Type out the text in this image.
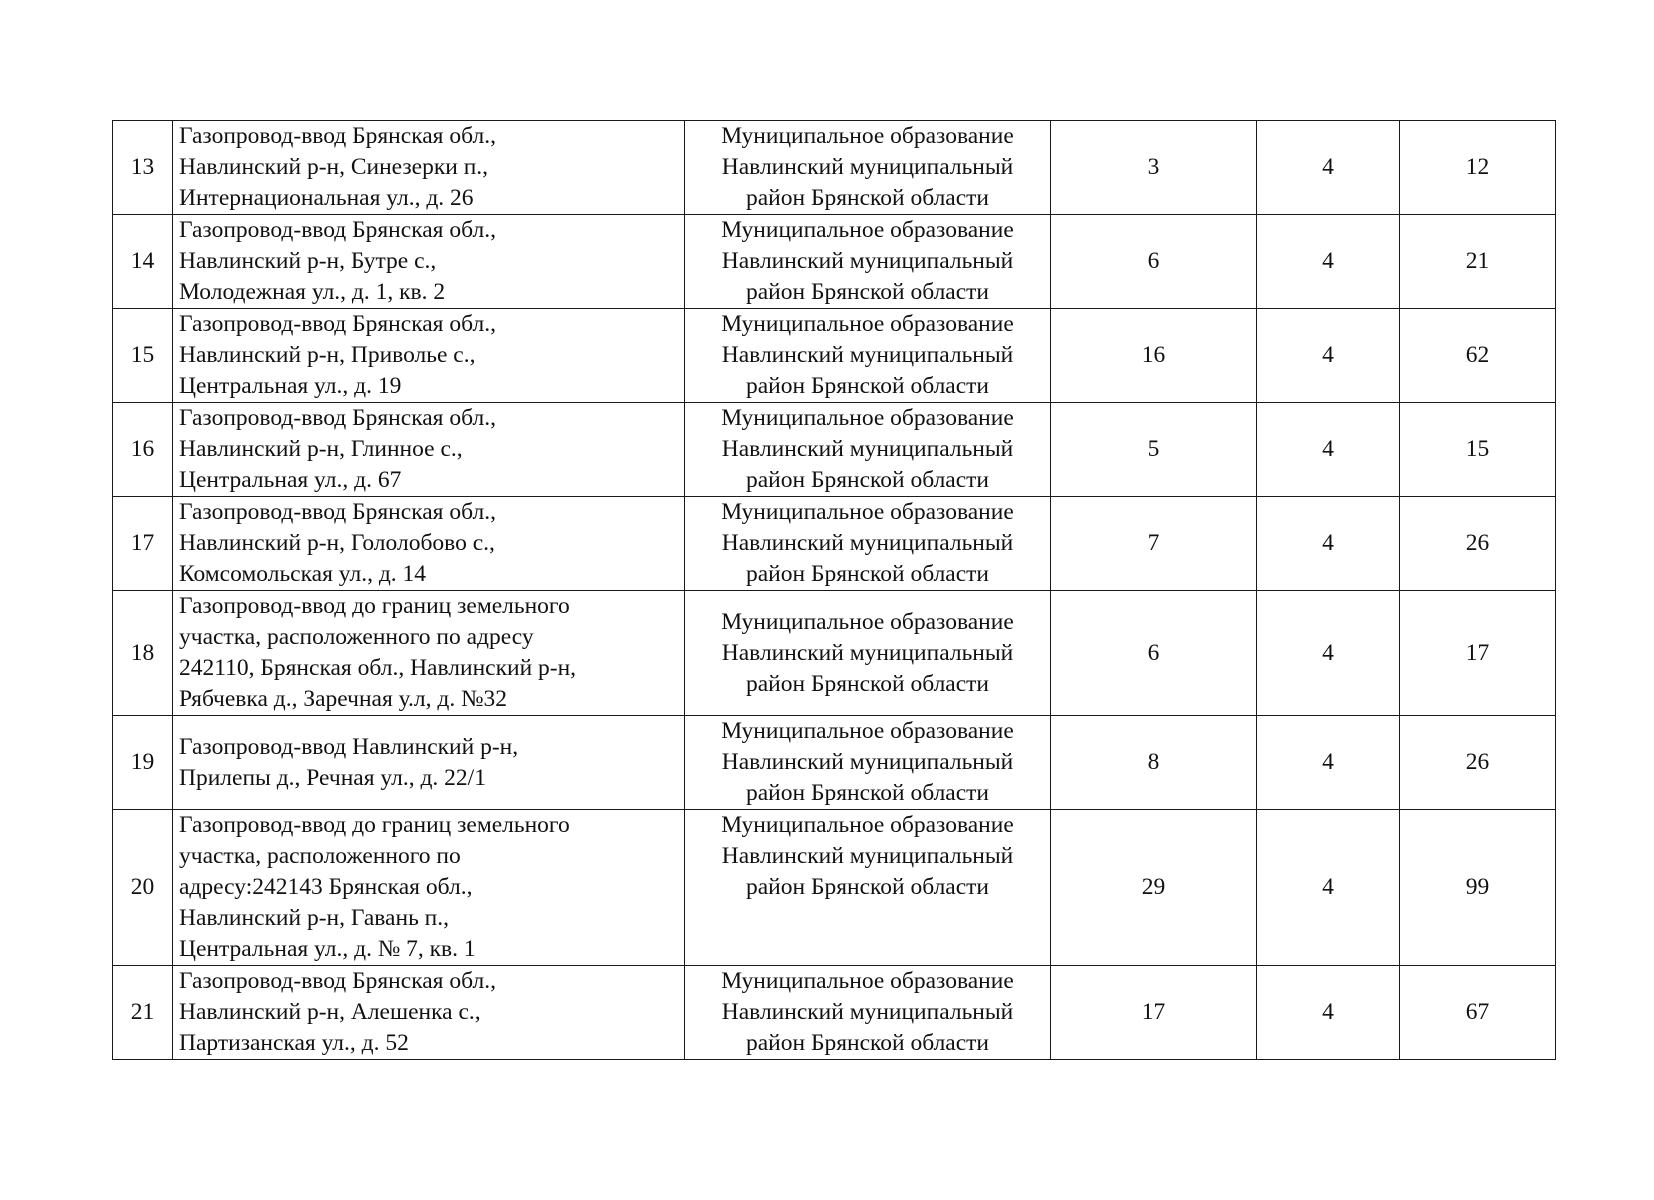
13	Газопровод-ввод Брянская обл.,
Навлинский р-н, Синезерки п.,
Интернациональная ул., д. 26	Муниципальное образование
Навлинский муниципальный
район Брянской области	3	4	12
14	Газопровод-ввод Брянская обл.,
Навлинский р-н, Бутре с.,
Молодежная ул., д. 1, кв. 2	Муниципальное образование
Навлинский муниципальный
район Брянской области	6	4	21
15	Газопровод-ввод Брянская обл.,
Навлинский р-н, Приволье с.,
Центральная ул., д. 19	Муниципальное образование
Навлинский муниципальный
район Брянской области	16	4	62
16	Газопровод-ввод Брянская обл.,
Навлинский р-н, Глинное с.,
Центральная ул., д. 67	Муниципальное образование
Навлинский муниципальный
район Брянской области	5	4	15
17	Газопровод-ввод Брянская обл.,
Навлинский р-н, Гололобово с.,
Комсомольская ул., д. 14	Муниципальное образование
Навлинский муниципальный
район Брянской области	7	4	26
18	Газопровод-ввод до границ земельного
участка, расположенного по адресу
242110, Брянская обл., Навлинский р-н,
Рябчевка д., Заречная у.л, д. №32	Муниципальное образование
Навлинский муниципальный
район Брянской области	6	4	17
19	Газопровод-ввод Навлинский р-н,
Прилепы д., Речная ул., д. 22/1	Муниципальное образование
Навлинский муниципальный
район Брянской области	8	4	26
20	Газопровод-ввод до границ земельного
участка, расположенного по
адресу:242143 Брянская обл.,
Навлинский р-н, Гавань п.,
Центральная ул., д. № 7, кв. 1	Муниципальное образование
Навлинский муниципальный
район Брянской области	29	4	99
21	Газопровод-ввод Брянская обл.,
Навлинский р-н, Алешенка с.,
Партизанская ул., д. 52	Муниципальное образование
Навлинский муниципальный
район Брянской области	17	4	67
